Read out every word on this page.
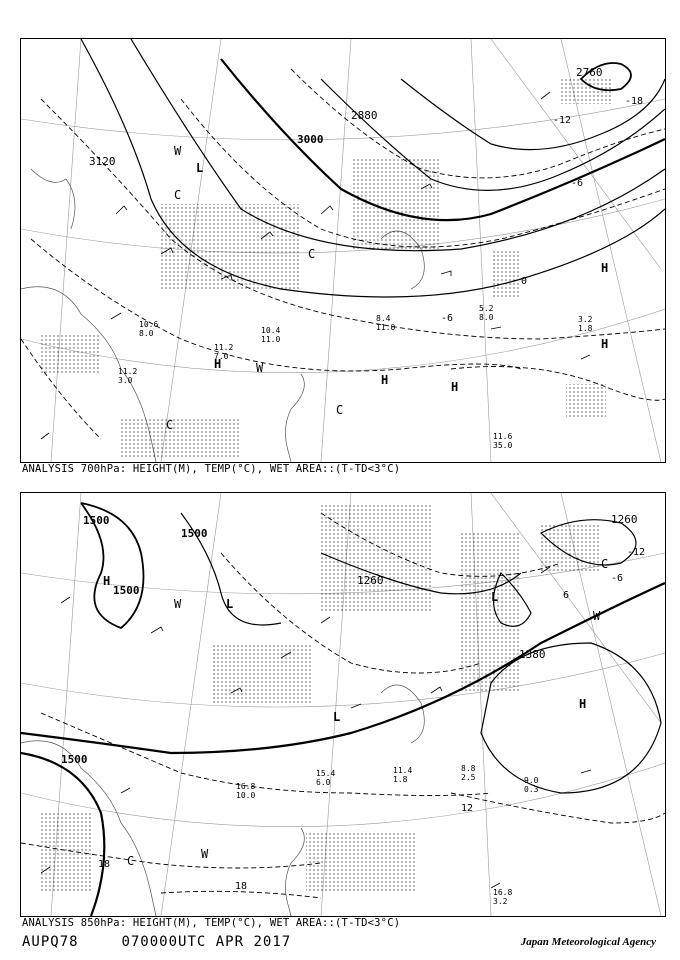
3120
3000
2880
2760
-18
-12
-6
0
-6
H
H
H	H
H
L
W
W
C
C
C
C
11.6
35.0
5.2
8.0	3.2
1.8
10.4
11.0
11.2
7.0
10.6
8.0
8.4
11.0
11.2
3.0
ANALYSIS 700hPa: HEIGHT(M), TEMP(°C), WET AREA::(T-TD<3°C)
1500
1500
1500
1500
1380
1260
1260
18
18
12
6
-6
-12
H
H
L	L
L
W
W
W
C
C
16.8
3.2
9.0
0.3
8.8
2.5
15.4
6.0
16.8
10.0
11.4
1.8
ANALYSIS 850hPa: HEIGHT(M), TEMP(°C), WET AREA::(T-TD<3°C)
AUPQ78	070000UTC APR 2017	Japan Meteorological Agency
